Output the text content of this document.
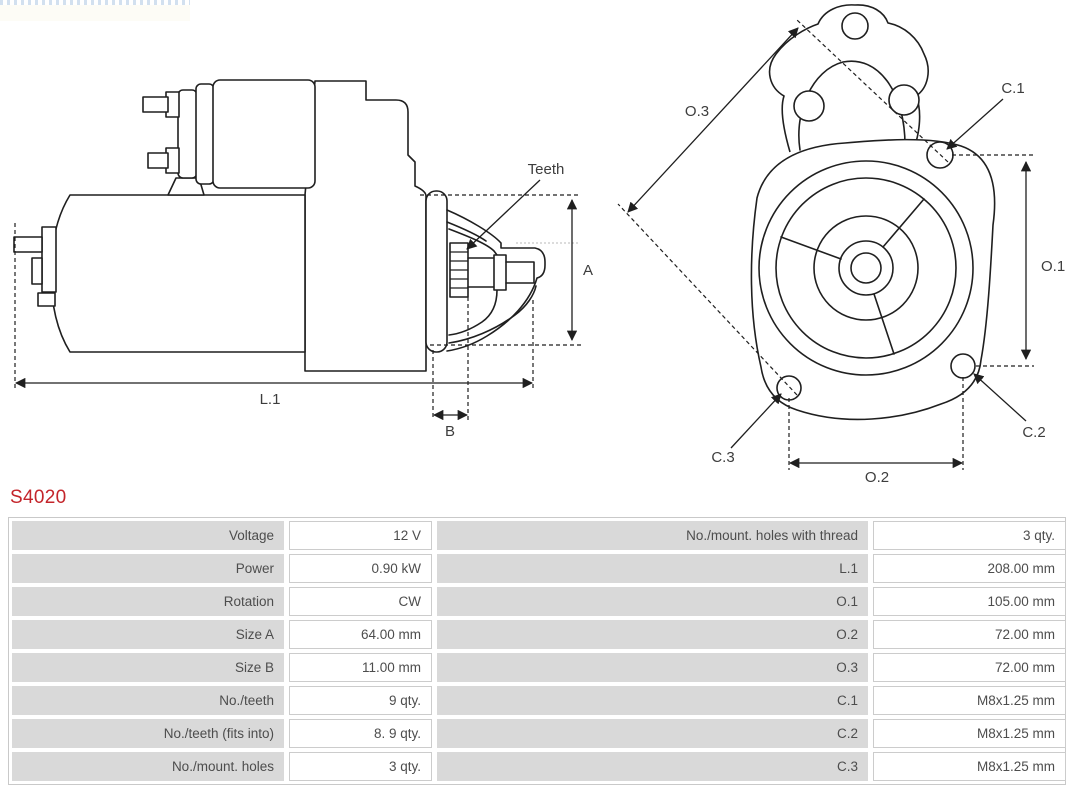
Teeth
A
L.1
B
O.3
O.1
O.2
C.1
C.2
C.3
S4020
Voltage	12 V	No./mount. holes with thread	3 qty.
Power	0.90 kW	L.1	208.00 mm
Rotation	CW	O.1	105.00 mm
Size A	64.00 mm	O.2	72.00 mm
Size B	11.00 mm	O.3	72.00 mm
No./teeth	9 qty.	C.1	M8x1.25 mm
No./teeth (fits into)	8. 9 qty.	C.2	M8x1.25 mm
No./mount. holes	3 qty.	C.3	M8x1.25 mm
